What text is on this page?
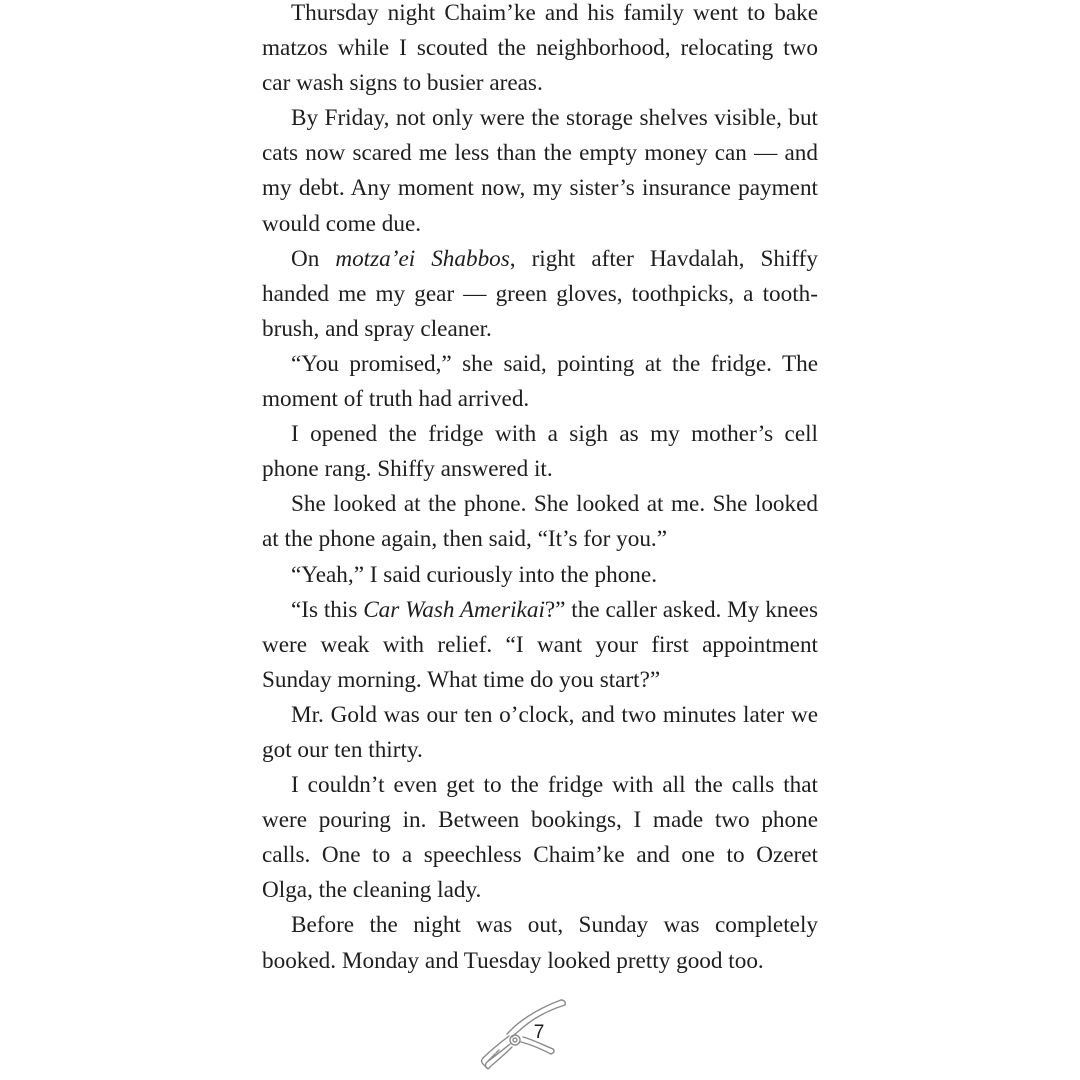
Thursday night Chaim’ke and his family went to bake matzos while I scouted the neighborhood, relocating two car wash signs to busier areas.

By Friday, not only were the storage shelves visible, but cats now scared me less than the empty money can — and my debt. Any moment now, my sister’s insurance payment would come due.

On motza’ei Shabbos, right after Havdalah, Shiffy handed me my gear — green gloves, toothpicks, a toothbrush, and spray cleaner.

“You promised,” she said, pointing at the fridge. The moment of truth had arrived.

I opened the fridge with a sigh as my mother’s cell phone rang. Shiffy answered it.

She looked at the phone. She looked at me. She looked at the phone again, then said, “It’s for you.”

“Yeah,” I said curiously into the phone.

“Is this Car Wash Amerikai?” the caller asked. My knees were weak with relief. “I want your first appointment Sunday morning. What time do you start?”

Mr. Gold was our ten o’clock, and two minutes later we got our ten thirty.

I couldn’t even get to the fridge with all the calls that were pouring in. Between bookings, I made two phone calls. One to a speechless Chaim’ke and one to Ozeret Olga, the cleaning lady.

Before the night was out, Sunday was completely booked. Monday and Tuesday looked pretty good too.

7
